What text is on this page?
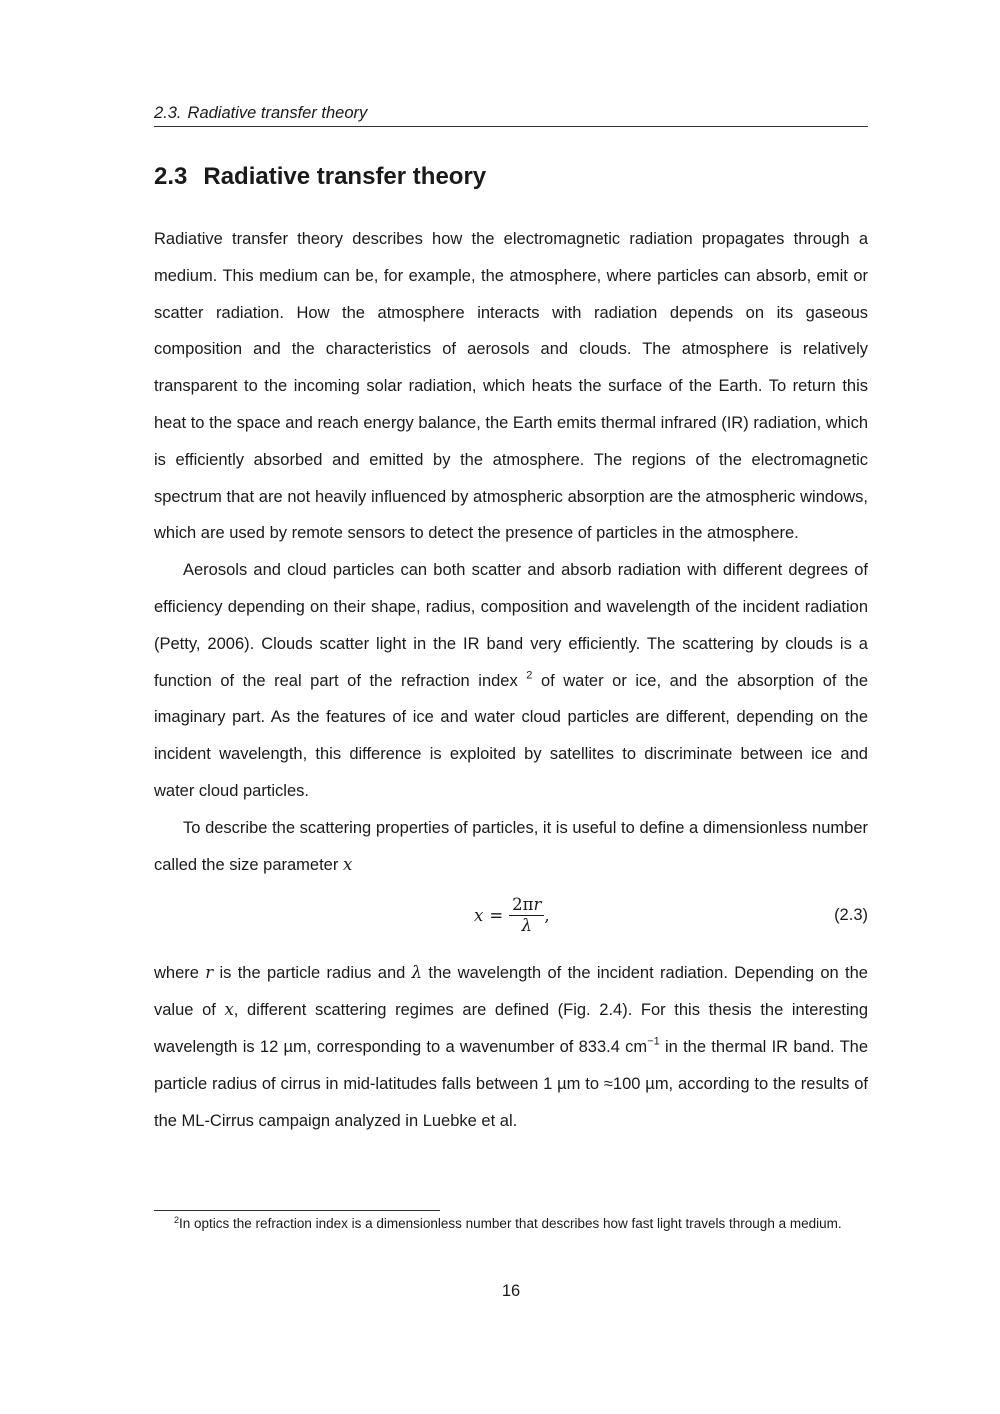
2.3. Radiative transfer theory
2.3 Radiative transfer theory

Radiative transfer theory describes how the electromagnetic radiation propagates through a medium. This medium can be, for example, the atmosphere, where particles can absorb, emit or scatter radiation. How the atmosphere interacts with radiation depends on its gaseous composition and the characteristics of aerosols and clouds. The atmosphere is relatively transparent to the incoming solar radiation, which heats the surface of the Earth. To return this heat to the space and reach energy balance, the Earth emits thermal infrared (IR) radiation, which is efficiently absorbed and emitted by the atmosphere. The regions of the electromagnetic spectrum that are not heavily influenced by atmospheric absorption are the atmospheric windows, which are used by remote sensors to detect the presence of particles in the atmosphere.

Aerosols and cloud particles can both scatter and absorb radiation with different degrees of efficiency depending on their shape, radius, composition and wavelength of the incident radiation (Petty, 2006). Clouds scatter light in the IR band very efficiently. The scattering by clouds is a function of the real part of the refraction index $^2$ of water or ice, and the absorption of the imaginary part. As the features of ice and water cloud particles are different, depending on the incident wavelength, this difference is exploited by satellites to discriminate between ice and water cloud particles.

To describe the scattering properties of particles, it is useful to define a dimensionless number called the size parameter x

$x = \frac{2\pi r}{\lambda}$ ,	(2.3)

where r is the particle radius and λ the wavelength of the incident radiation. Depending on the value of x, different scattering regimes are defined (Fig. 2.4). For this thesis the interesting wavelength is 12 µm, corresponding to a wavenumber of 833.4 $cm^{-1}$ in the thermal IR band. The particle radius of cirrus in mid-latitudes falls between 1 µm to ≈100 µm, according to the results of the ML-Cirrus campaign analyzed in Luebke et al.

$^2$In optics the refraction index is a dimensionless number that describes how fast light travels through a medium.
16
